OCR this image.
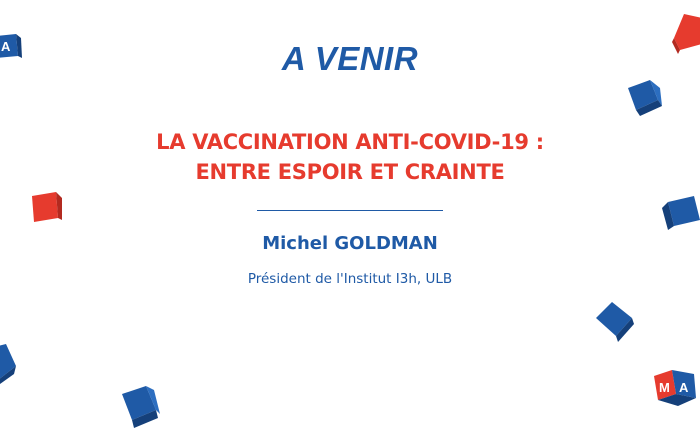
A
M A
A VENIR
LA VACCINATION ANTI-COVID-19 :
ENTRE ESPOIR ET CRAINTE
Michel GOLDMAN
Président de l'Institut I3h, ULB
